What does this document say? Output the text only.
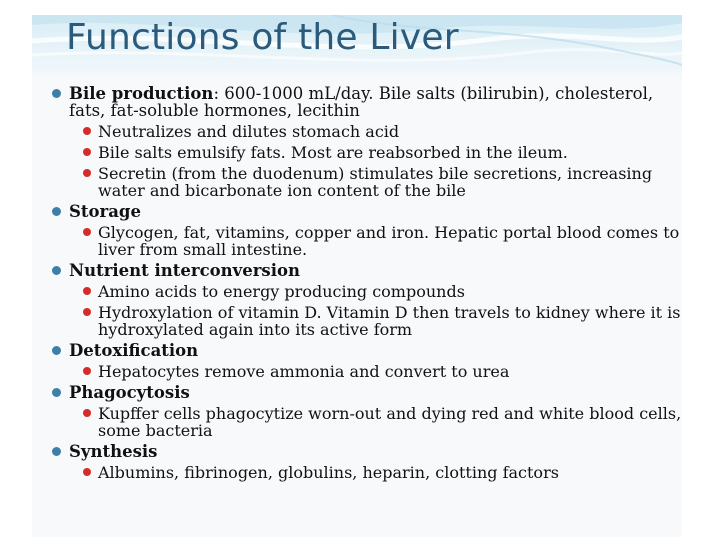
Functions of the Liver
Bile production: 600-1000 mL/day. Bile salts (bilirubin), cholesterol, fats, fat-soluble hormones, lecithin
Neutralizes and dilutes stomach acid
Bile salts emulsify fats. Most are reabsorbed in the ileum.
Secretin (from the duodenum) stimulates bile secretions, increasing water and bicarbonate ion content of the bile
Storage
Glycogen, fat, vitamins, copper and iron. Hepatic portal blood comes to liver from small intestine.
Nutrient interconversion
Amino acids to energy producing compounds
Hydroxylation of vitamin D. Vitamin D then travels to kidney where it is hydroxylated again into its active form
Detoxification
Hepatocytes remove ammonia and convert to urea
Phagocytosis
Kupffer cells phagocytize worn-out and dying red and white blood cells, some bacteria
Synthesis
Albumins, fibrinogen, globulins, heparin, clotting factors
